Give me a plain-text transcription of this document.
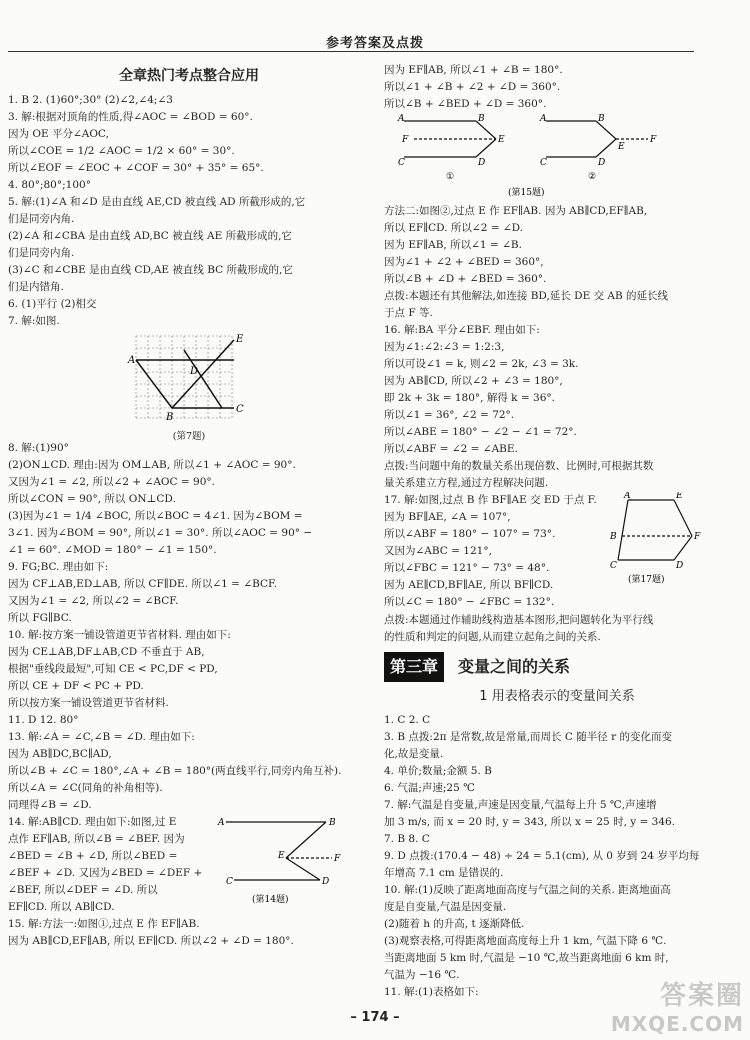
参考答案及点拨
全章热门考点整合应用
1. B 2. (1)60°;30° (2)∠2,∠4;∠3
3. 解:根据对顶角的性质,得∠AOC = ∠BOD = 60°.
因为 OE 平分∠AOC,
所以∠COE = 1/2 ∠AOC = 1/2 × 60° = 30°.
所以∠EOF = ∠EOC + ∠COF = 30° + 35° = 65°.
4. 80°;80°;100°
5. 解:(1)∠A 和∠D 是由直线 AE,CD 被直线 AD 所截形成的,它
们是同旁内角.
(2)∠A 和∠CBA 是由直线 AD,BC 被直线 AE 所截形成的,它
们是同旁内角.
(3)∠C 和∠CBE 是由直线 CD,AE 被直线 BC 所截形成的,它
们是内错角.
6. (1)平行 (2)相交
7. 解:如图.
A
E
D
B
C
(第7题)
8. 解:(1)90°
(2)ON⊥CD. 理由:因为 OM⊥AB, 所以∠1 + ∠AOC = 90°.
又因为∠1 = ∠2, 所以∠2 + ∠AOC = 90°.
所以∠CON = 90°, 所以 ON⊥CD.
(3)因为∠1 = 1/4 ∠BOC, 所以∠BOC = 4∠1. 因为∠BOM =
3∠1. 因为∠BOM = 90°, 所以∠1 = 30°. 所以∠AOC = 90° −
∠1 = 60°. ∠MOD = 180° − ∠1 = 150°.
9. FG;BC. 理由如下:
因为 CF⊥AB,ED⊥AB, 所以 CF∥DE. 所以∠1 = ∠BCF.
又因为∠1 = ∠2, 所以∠2 = ∠BCF.
所以 FG∥BC.
10. 解:按方案一铺设管道更节省材料. 理由如下:
因为 CE⊥AB,DF⊥AB,CD 不垂直于 AB,
根据"垂线段最短",可知 CE < PC,DF < PD,
所以 CE + DF < PC + PD.
所以按方案一铺设管道更节省材料.
11. D 12. 80°
13. 解:∠A = ∠C,∠B = ∠D. 理由如下:
因为 AB∥DC,BC∥AD,
所以∠B + ∠C = 180°,∠A + ∠B = 180°(两直线平行,同旁内角互补).
所以∠A = ∠C(同角的补角相等).
同理得∠B = ∠D.
14. 解:AB∥CD. 理由如下:如图,过 E
点作 EF∥AB, 所以∠B = ∠BEF. 因为
∠BED = ∠B + ∠D, 所以∠BED =
∠BEF + ∠D. 又因为∠BED = ∠DEF +
∠BEF, 所以∠DEF = ∠D. 所以
EF∥CD. 所以 AB∥CD.
A	B
E	F
D
C
(第14题)
15. 解:方法一:如图①,过点 E 作 EF∥AB.
因为 AB∥CD,EF∥AB, 所以 EF∥CD. 所以∠2 + ∠D = 180°.
因为 EF∥AB, 所以∠1 + ∠B = 180°.
所以∠1 + ∠B + ∠2 + ∠D = 360°.
所以∠B + ∠BED + ∠D = 360°.
A	B
F	E
C	D
A	B
E
F
C	D
①	②
(第15题)
方法二:如图②,过点 E 作 EF∥AB. 因为 AB∥CD,EF∥AB,
所以 EF∥CD. 所以∠2 = ∠D.
因为 EF∥AB, 所以∠1 = ∠B.
因为∠1 + ∠2 + ∠BED = 360°,
所以∠B + ∠D + ∠BED = 360°.
点拨:本题还有其他解法,如连接 BD,延长 DE 交 AB 的延长线
于点 F 等.
16. 解:BA 平分∠EBF. 理由如下:
因为∠1:∠2:∠3 = 1:2:3,
所以可设∠1 = k, 则∠2 = 2k, ∠3 = 3k.
因为 AB∥CD, 所以∠2 + ∠3 = 180°,
即 2k + 3k = 180°, 解得 k = 36°.
所以∠1 = 36°, ∠2 = 72°.
所以∠ABE = 180° − ∠2 − ∠1 = 72°.
所以∠ABF = ∠2 = ∠ABE.
点拨:当问题中角的数量关系出现倍数、比例时,可根据其数
量关系建立方程,通过方程解决问题.
17. 解:如图,过点 B 作 BF∥AE 交 ED 于点 F.
因为 BF∥AE, ∠A = 107°,
所以∠ABF = 180° − 107° = 73°.
又因为∠ABC = 121°,
所以∠FBC = 121° − 73° = 48°.
因为 AE∥CD,BF∥AE, 所以 BF∥CD.
所以∠C = 180° − ∠FBC = 132°.
A	E
B	F
C	D
(第17题)
点拨:本题通过作辅助线构造基本图形,把问题转化为平行线
的性质和判定的问题,从而建立起角之间的关系.
第三章	变量之间的关系
1 用表格表示的变量间关系
1. C 2. C
3. B 点拨:2π 是常数,故是常量,而周长 C 随半径 r 的变化而变
化,故是变量.
4. 单价;数量;金额 5. B
6. 气温;声速;25 ℃
7. 解:气温是自变量,声速是因变量,气温每上升 5 ℃,声速增
加 3 m/s, 而 x = 20 时, y = 343, 所以 x = 25 时, y = 346.
7. B 8. C
9. D 点拨:(170.4 − 48) ÷ 24 = 5.1(cm), 从 0 岁到 24 岁平均每
年增高 7.1 cm 是错误的.
10. 解:(1)反映了距离地面高度与气温之间的关系. 距离地面高
度是自变量,气温是因变量.
(2)随着 h 的升高, t 逐渐降低.
(3)观察表格,可得距离地面高度每上升 1 km, 气温下降 6 ℃.
当距离地面 5 km 时,气温是 −10 ℃,故当距离地面 6 km 时,
气温为 −16 ℃.
11. 解:(1)表格如下:
– 174 –
答案圈
MXQE.COM
